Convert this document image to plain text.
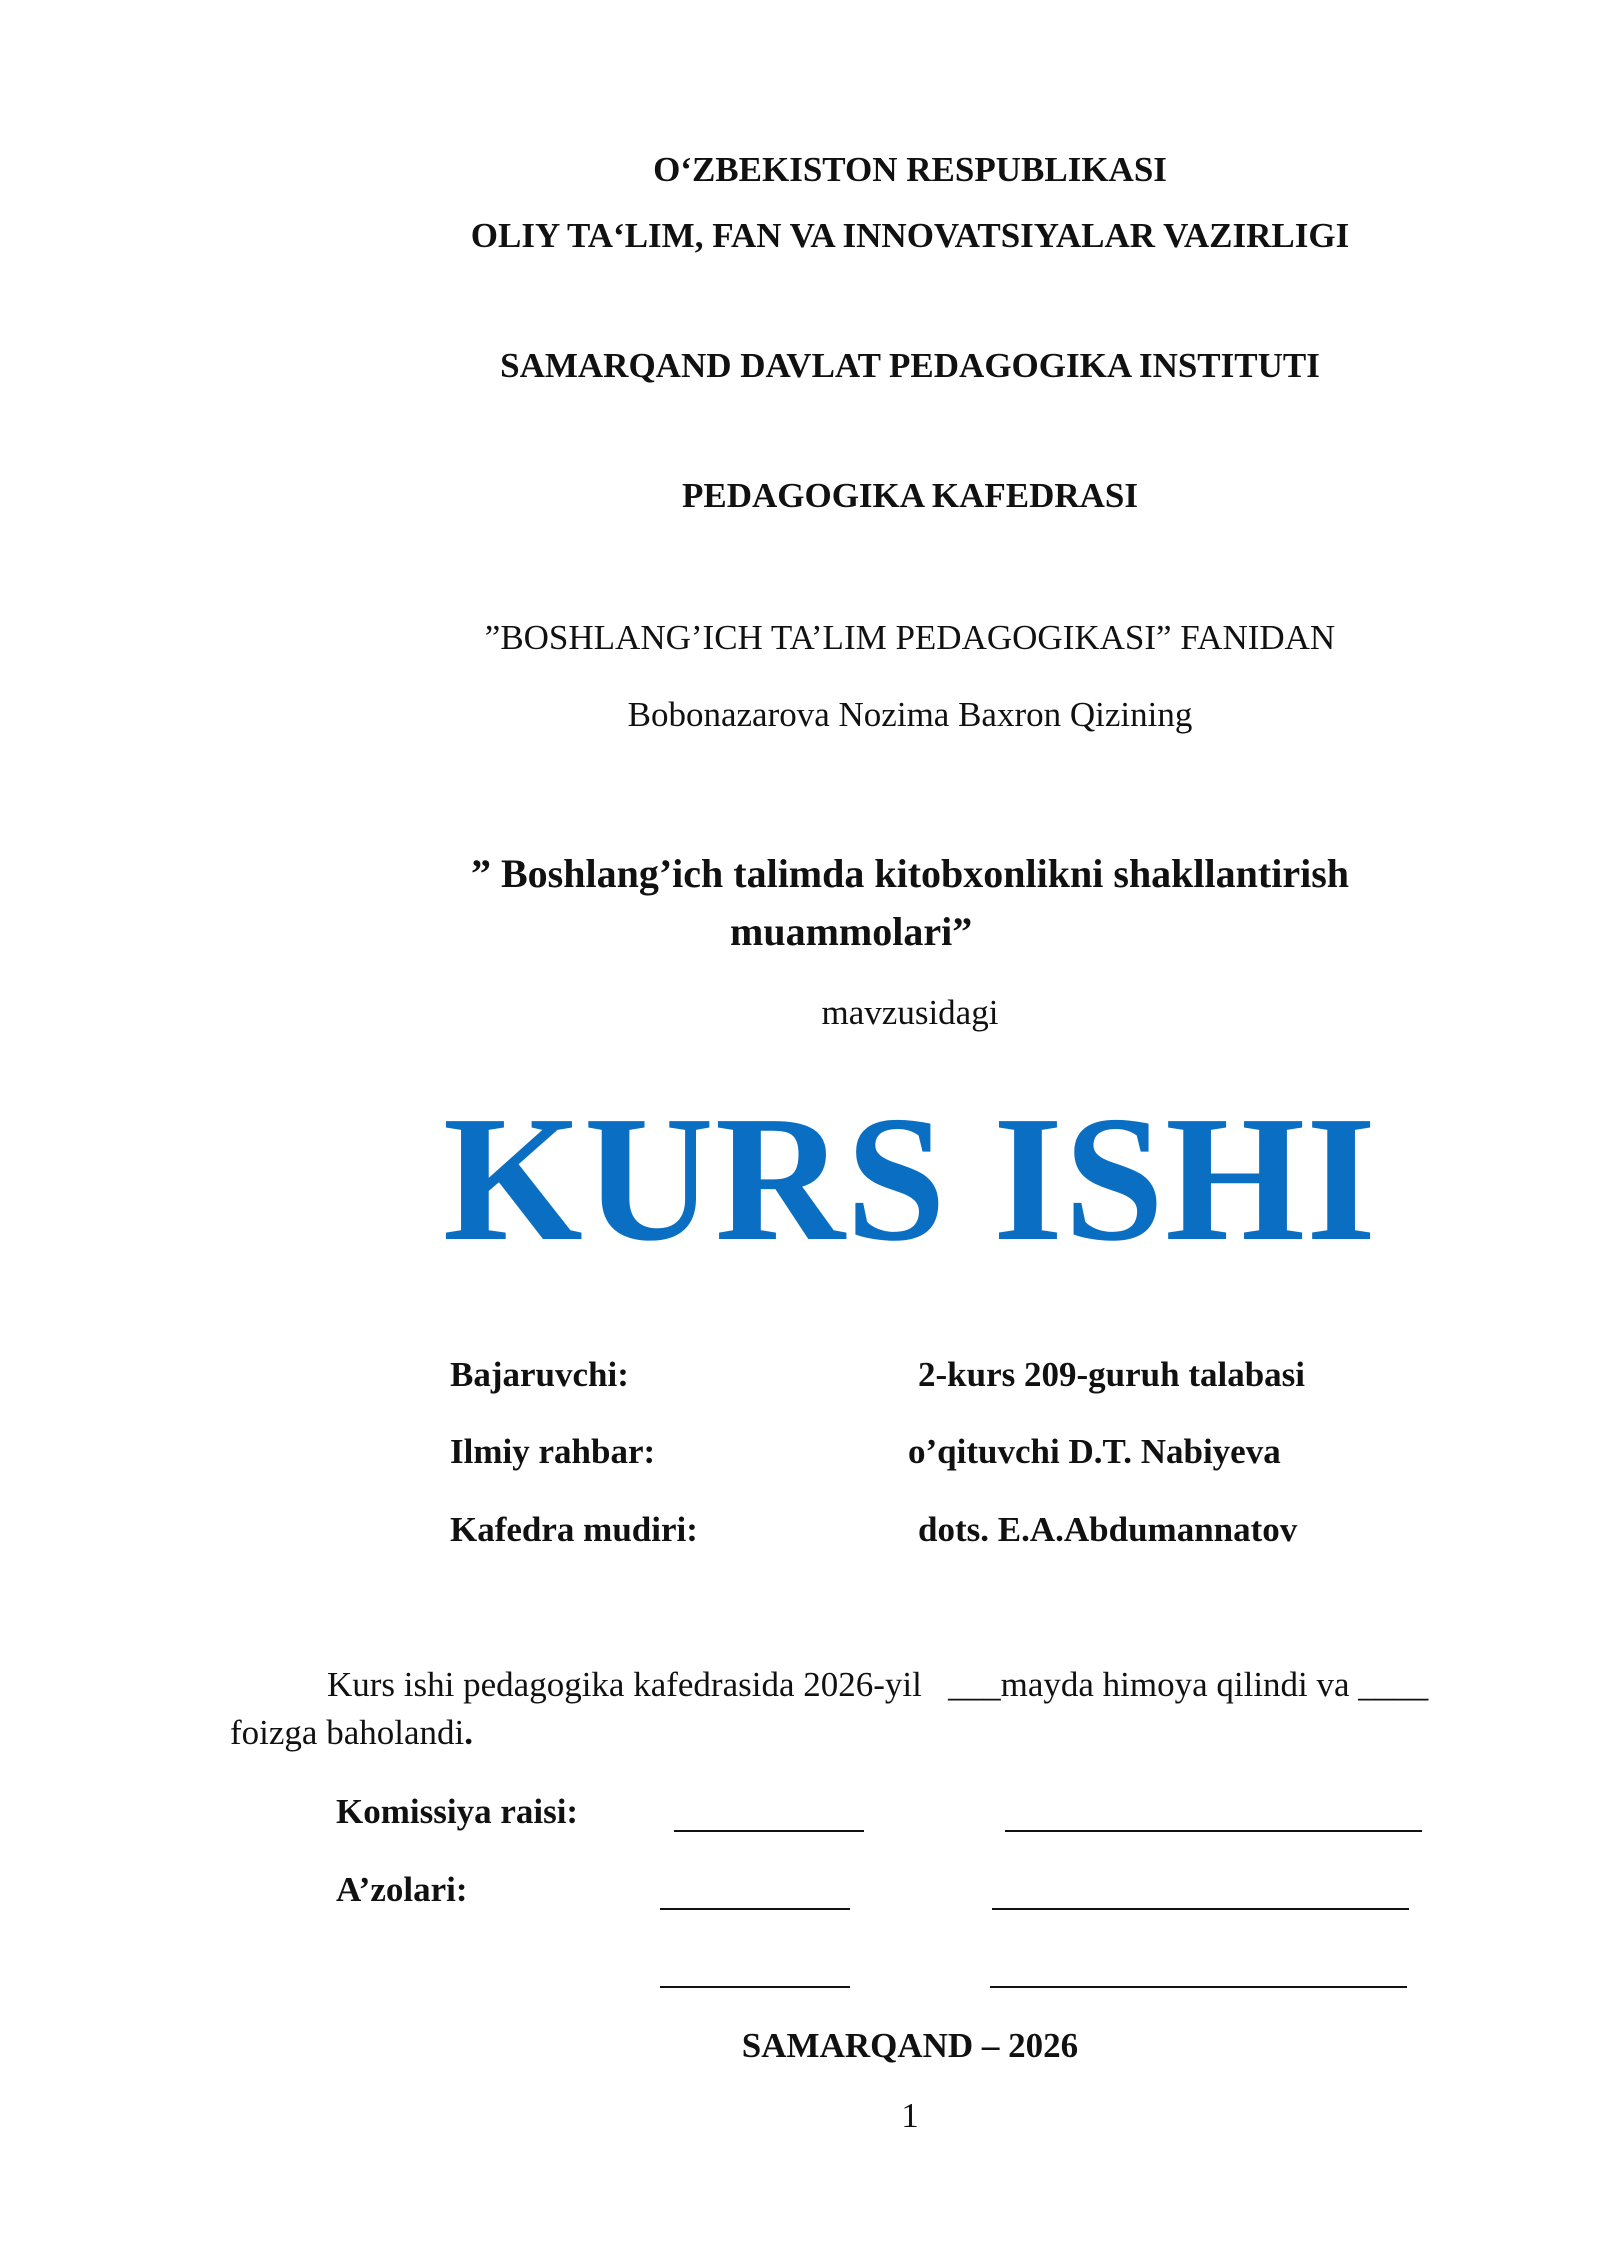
O‘ZBEKISTON RESPUBLIKASI
OLIY TA‘LIM, FAN VA INNOVATSIYALAR VAZIRLIGI
SAMARQAND DAVLAT PEDAGOGIKA INSTITUTI
PEDAGOGIKA KAFEDRASI
”BOSHLANG’ICH TA’LIM PEDAGOGIKASI” FANIDAN
Bobonazarova Nozima Baxron Qizining
” Boshlang’ich talimda kitobxonlikni shakllantirish
muammolari”
mavzusidagi
KURS ISHI
Bajaruvchi:	2-kurs 209-guruh talabasi
Ilmiy rahbar:	o’qituvchi D.T. Nabiyeva
Kafedra mudiri:	dots. E.A.Abdumannatov
Kurs ishi pedagogika kafedrasida 2026-yil   ___mayda himoya qilindi va ____
foizga baholandi.
Komissiya raisi:
A’zolari:
SAMARQAND – 2026
1
